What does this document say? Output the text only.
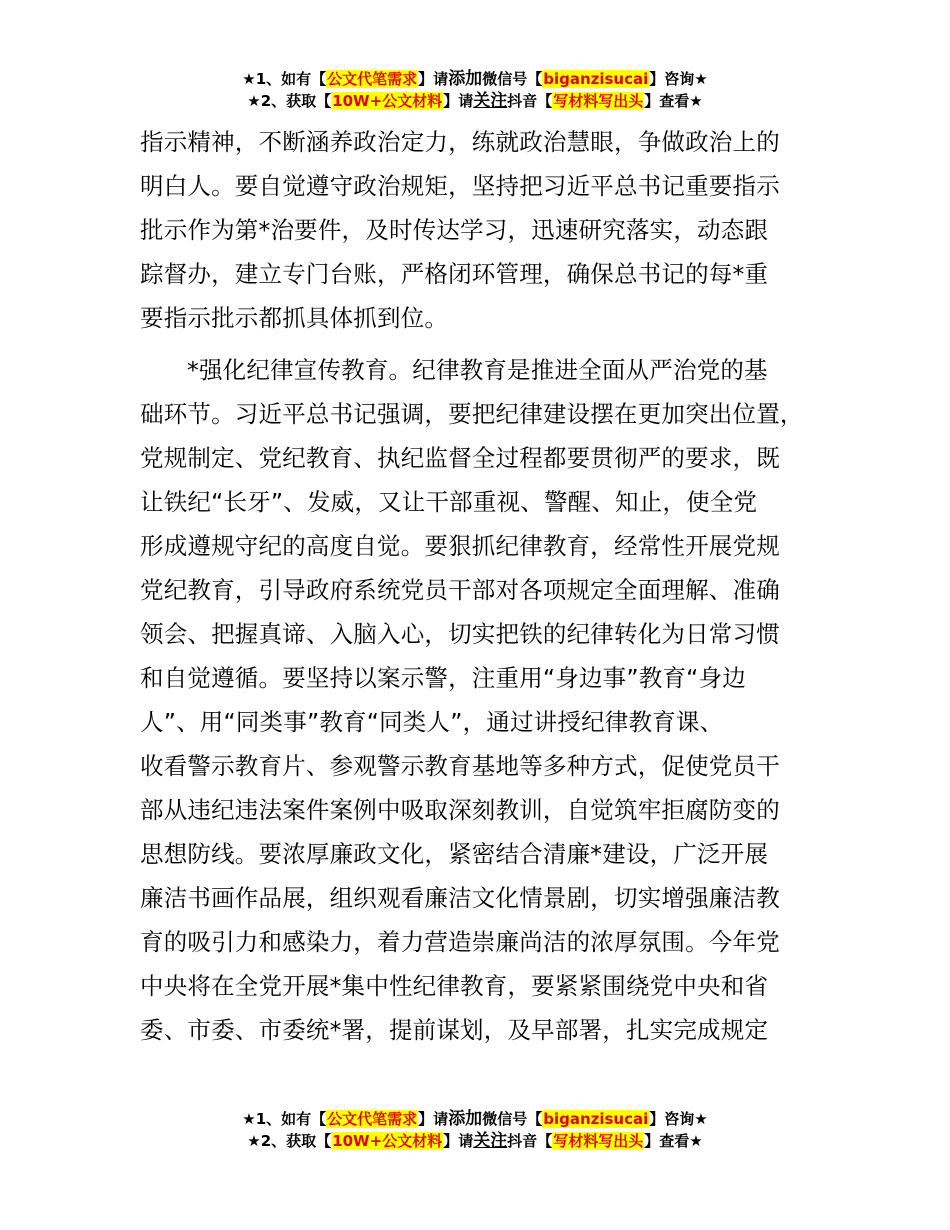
★1、如有【公文代笔需求】请添加微信号【biganzisucai】咨询★
★2、获取【10W+公文材料】请关注抖音【写材料写出头】查看★
指示精神，不断涵养政治定力，练就政治慧眼，争做政治上的
明白人。要自觉遵守政治规矩，坚持把习近平总书记重要指示
批示作为第*治要件，及时传达学习，迅速研究落实，动态跟
踪督办，建立专门台账，严格闭环管理，确保总书记的每*重
要指示批示都抓具体抓到位。
*强化纪律宣传教育。纪律教育是推进全面从严治党的基
础环节。习近平总书记强调，要把纪律建设摆在更加突出位置，
党规制定、党纪教育、执纪监督全过程都要贯彻严的要求，既
让铁纪“长牙”、发威，又让干部重视、警醒、知止，使全党
形成遵规守纪的高度自觉。要狠抓纪律教育，经常性开展党规
党纪教育，引导政府系统党员干部对各项规定全面理解、准确
领会、把握真谛、入脑入心，切实把铁的纪律转化为日常习惯
和自觉遵循。要坚持以案示警，注重用“身边事”教育“身边
人”、用“同类事”教育“同类人”，通过讲授纪律教育课、
收看警示教育片、参观警示教育基地等多种方式，促使党员干
部从违纪违法案件案例中吸取深刻教训，自觉筑牢拒腐防变的
思想防线。要浓厚廉政文化，紧密结合清廉*建设，广泛开展
廉洁书画作品展，组织观看廉洁文化情景剧，切实增强廉洁教
育的吸引力和感染力，着力营造崇廉尚洁的浓厚氛围。今年党
中央将在全党开展*集中性纪律教育，要紧紧围绕党中央和省
委、市委、市委统*署，提前谋划，及早部署，扎实完成规定
★1、如有【公文代笔需求】请添加微信号【biganzisucai】咨询★
★2、获取【10W+公文材料】请关注抖音【写材料写出头】查看★
